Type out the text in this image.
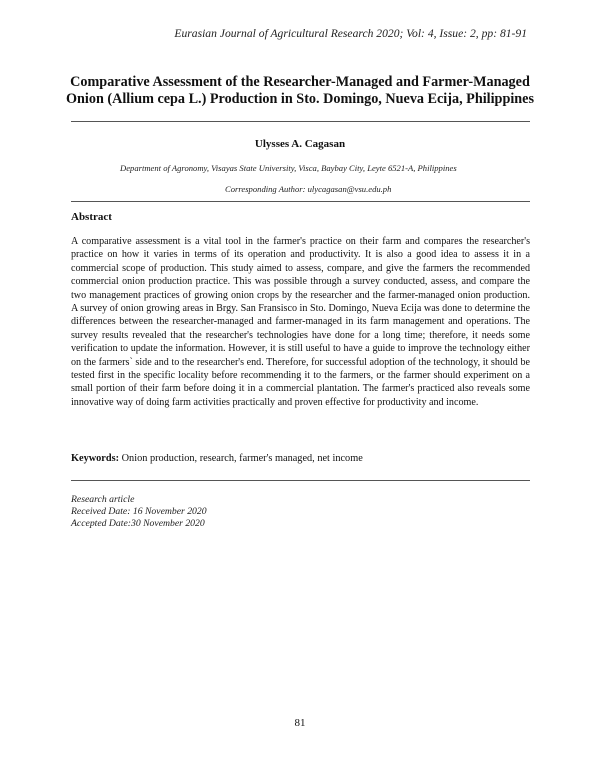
Eurasian Journal of Agricultural Research 2020; Vol: 4, Issue: 2, pp: 81-91
Comparative Assessment of the Researcher-Managed and Farmer-Managed
Onion (Allium cepa L.) Production in Sto. Domingo, Nueva Ecija, Philippines
Ulysses A. Cagasan
Department of Agronomy, Visayas State University, Visca, Baybay City, Leyte 6521-A, Philippines
Corresponding Author: ulycagasan@vsu.edu.ph
Abstract
A comparative assessment is a vital tool in the farmer's practice on their farm and compares the researcher's practice on how it varies in terms of its operation and productivity. It is also a good idea to assess it in a commercial scope of production. This study aimed to assess, compare, and give the farmers the recommended commercial onion production practice. This was possible through a survey conducted, assess, and compare the two management practices of growing onion crops by the researcher and the farmer-managed onion production. A survey of onion growing areas in Brgy. San Fransisco in Sto. Domingo, Nueva Ecija was done to determine the differences between the researcher-managed and farmer-managed in its farm management and operations. The survey results revealed that the researcher's technologies have done for a long time; therefore, it needs some verification to update the information. However, it is still useful to have a guide to improve the technology either on the farmers` side and to the researcher's end. Therefore, for successful adoption of the technology, it should be tested first in the specific locality before recommending it to the farmers, or the farmer should experiment on a small portion of their farm before doing it in a commercial plantation. The farmer's practiced also reveals some innovative way of doing farm activities practically and proven effective for productivity and income.
Keywords: Onion production, research, farmer's managed, net income
Research article
Received Date: 16 November 2020
Accepted Date:30 November 2020
81
